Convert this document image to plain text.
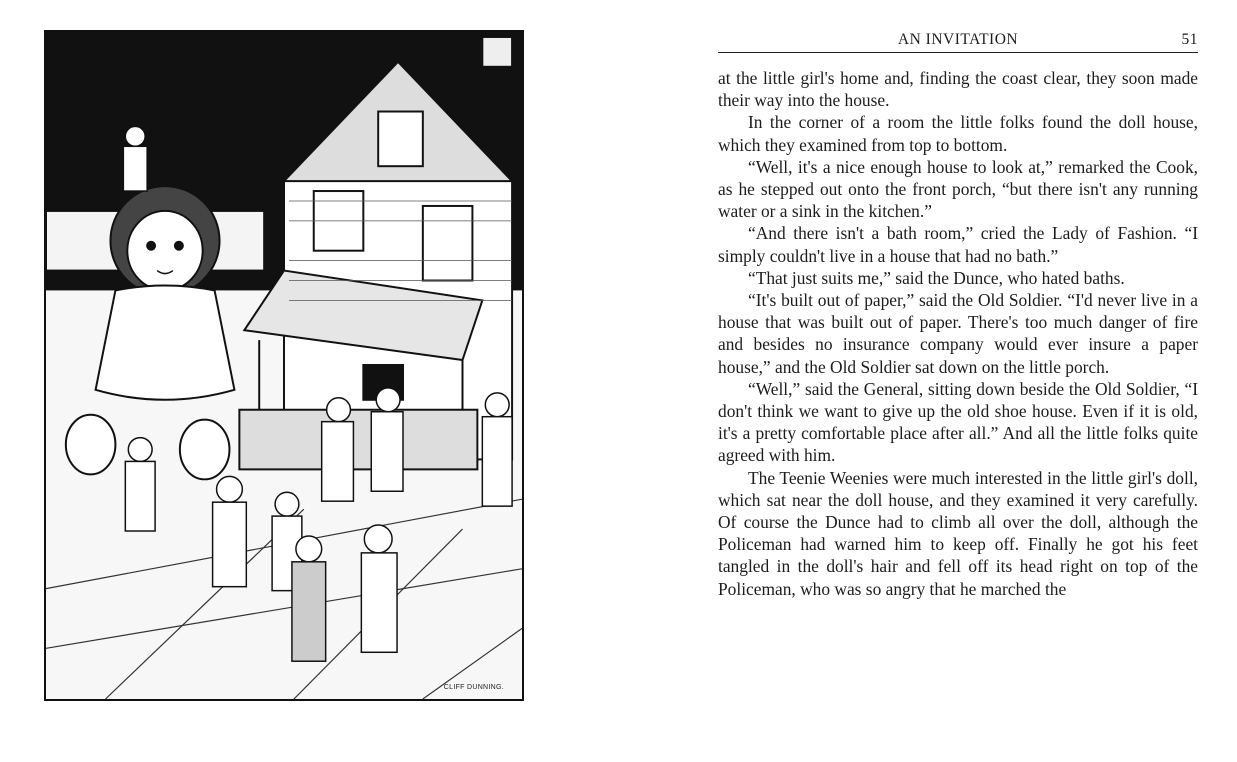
CLIFF DUNNING.
AN INVITATION	51

at the little girl's home and, finding the coast clear, they soon made their way into the house.

In the corner of a room the little folks found the doll house, which they examined from top to bottom.

“Well, it's a nice enough house to look at,” remarked the Cook, as he stepped out onto the front porch, “but there isn't any running water or a sink in the kitchen.”

“And there isn't a bath room,” cried the Lady of Fashion. “I simply couldn't live in a house that had no bath.”

“That just suits me,” said the Dunce, who hated baths.

“It's built out of paper,” said the Old Soldier. “I'd never live in a house that was built out of paper. There's too much danger of fire and besides no insurance company would ever insure a paper house,” and the Old Soldier sat down on the little porch.

“Well,” said the General, sitting down beside the Old Soldier, “I don't think we want to give up the old shoe house. Even if it is old, it's a pretty comfortable place after all.” And all the little folks quite agreed with him.

The Teenie Weenies were much interested in the little girl's doll, which sat near the doll house, and they examined it very carefully. Of course the Dunce had to climb all over the doll, although the Policeman had warned him to keep off. Finally he got his feet tangled in the doll's hair and fell off its head right on top of the Policeman, who was so angry that he marched the
